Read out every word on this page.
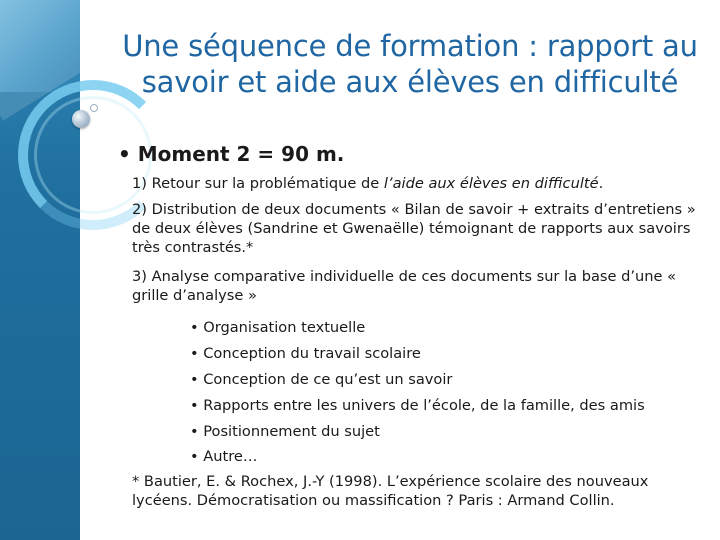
Une séquence de formation : rapport au
savoir et aide aux élèves en difficulté
• Moment 2 = 90 m.
1) Retour sur la problématique de l’aide aux élèves en difficulté.
2) Distribution de deux documents « Bilan de savoir + extraits d’entretiens » de deux élèves (Sandrine et Gwenaëlle) témoignant de rapports aux savoirs très contrastés.*
3) Analyse comparative individuelle de ces documents sur la base d’une « grille d’analyse »
• Organisation textuelle
• Conception du travail scolaire
• Conception de ce qu’est un savoir
• Rapports entre les univers de l’école, de la famille, des amis
• Positionnement du sujet
• Autre…
* Bautier, E. & Rochex, J.-Y (1998). L’expérience scolaire des nouveaux lycéens. Démocratisation ou massification ? Paris : Armand Collin.
